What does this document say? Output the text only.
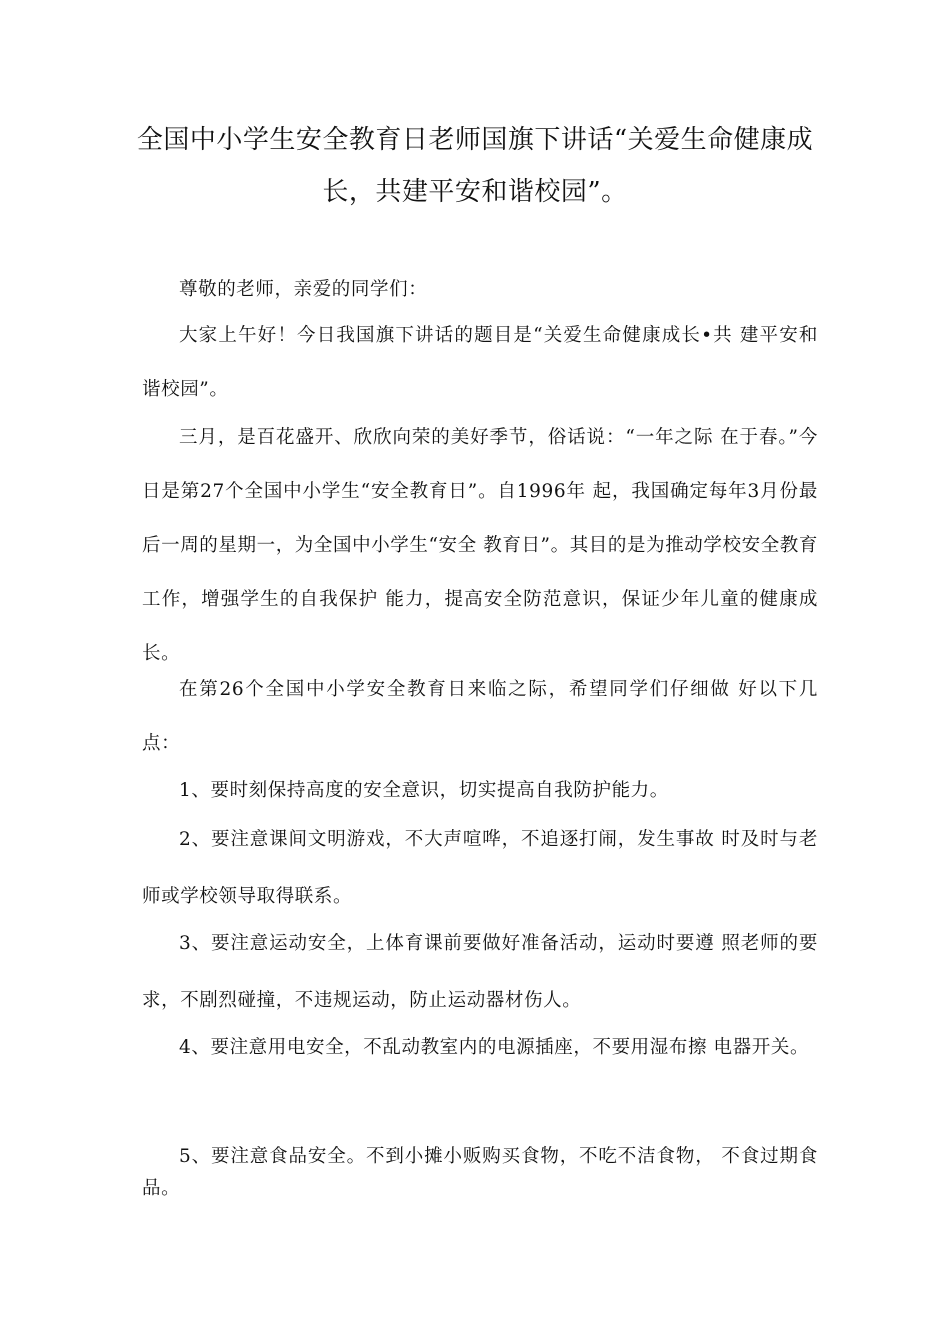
全国中小学生安全教育日老师国旗下讲话“关爱生命健康成长，共建平安和谐校园”。

尊敬的老师，亲爱的同学们：

大家上午好！今日我国旗下讲话的题目是“关爱生命健康成长•共 建平安和谐校园”。

三月，是百花盛开、欣欣向荣的美好季节，俗话说：“一年之际 在于春。”今日是第27个全国中小学生“安全教育日”。自1996年 起，我国确定每年3月份最后一周的星期一，为全国中小学生“安全 教育日”。其目的是为推动学校安全教育工作，增强学生的自我保护 能力，提高安全防范意识，保证少年儿童的健康成长。

在第26个全国中小学安全教育日来临之际，希望同学们仔细做 好以下几点：

1、要时刻保持高度的安全意识，切实提高自我防护能力。

2、要注意课间文明游戏，不大声喧哗，不追逐打闹，发生事故 时及时与老师或学校领导取得联系。

3、要注意运动安全，上体育课前要做好准备活动，运动时要遵 照老师的要求，不剧烈碰撞，不违规运动，防止运动器材伤人。

4、要注意用电安全，不乱动教室内的电源插座，不要用湿布擦 电器开关。

5、要注意食品安全。不到小摊小贩购买食物，不吃不洁食物， 不食过期食品。
